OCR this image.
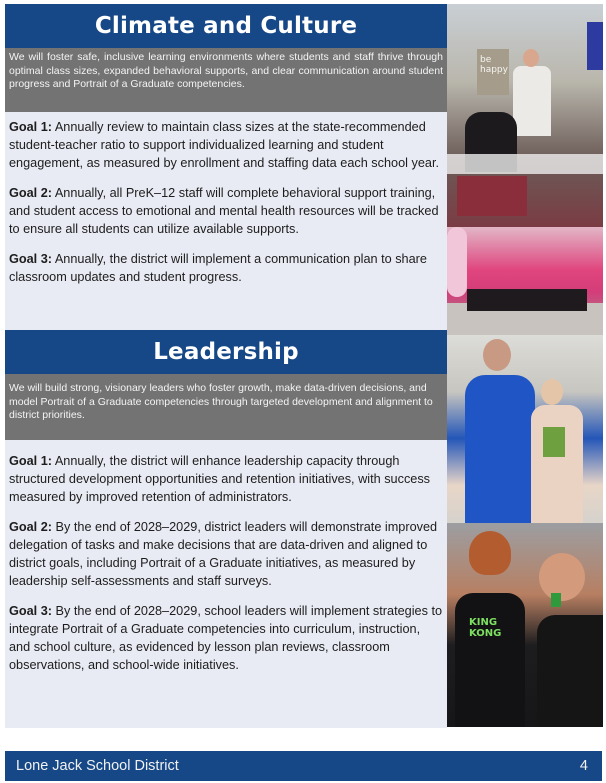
Climate and Culture
We will foster safe, inclusive learning environments where students and staff thrive through optimal class sizes, expanded behavioral supports, and clear communication around student progress and Portrait of a Graduate competencies.

Goal 1: Annually review to maintain class sizes at the state-recommended student-teacher ratio to support individualized learning and student engagement, as measured by enrollment and staffing data each school year.

Goal 2: Annually, all PreK–12 staff will complete behavioral support training, and student access to emotional and mental health resources will be tracked to ensure all students can utilize available supports.

Goal 3: Annually, the district will implement a communication plan to share classroom updates and student progress.

Leadership
We will build strong, visionary leaders who foster growth, make data-driven decisions, and model Portrait of a Graduate competencies through targeted development and alignment to district priorities.

Goal 1: Annually, the district will enhance leadership capacity through structured development opportunities and retention initiatives, with success measured by improved retention of administrators.

Goal 2: By the end of 2028–2029, district leaders will demonstrate improved delegation of tasks and make decisions that are data-driven and aligned to district goals, including Portrait of a Graduate initiatives, as measured by leadership self-assessments and staff surveys.

Goal 3: By the end of 2028–2029, school leaders will implement strategies to integrate Portrait of a Graduate competencies into curriculum, instruction, and school culture, as evidenced by lesson plan reviews, classroom observations, and school-wide initiatives.

be happy
KING KONG
Lone Jack School District	4
